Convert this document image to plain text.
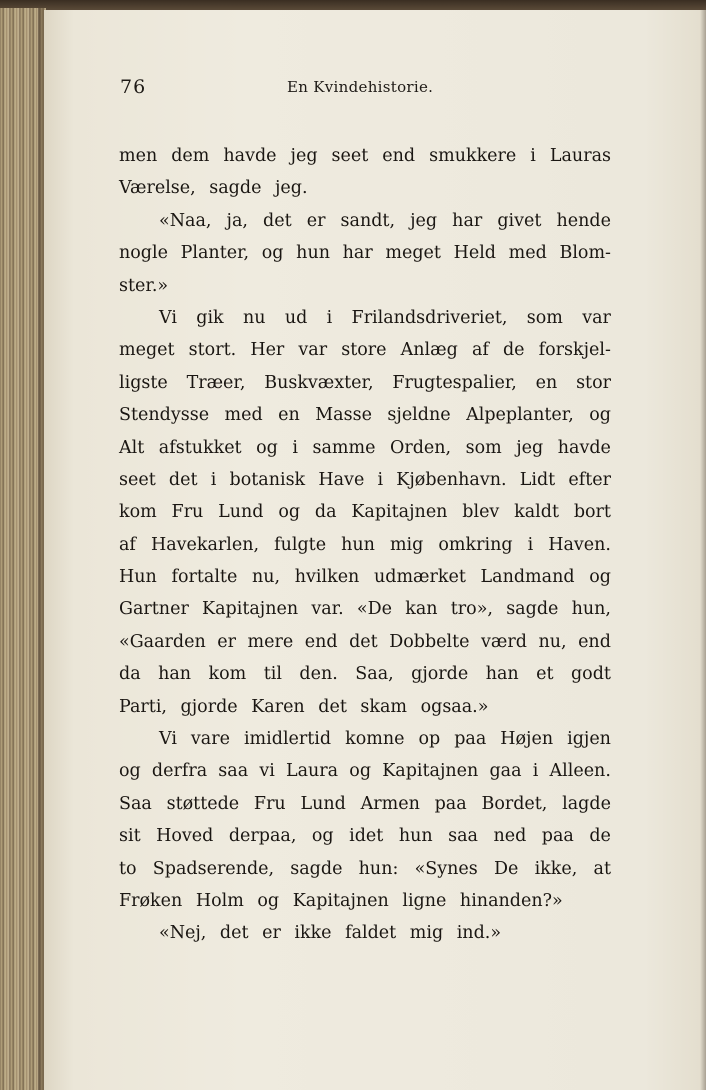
76	En Kvindehistorie.
men dem havde jeg seet end smukkere i Lauras
Værelse, sagde jeg.
«Naa, ja, det er sandt, jeg har givet hende
nogle Planter, og hun har meget Held med Blom-
ster.»
Vi gik nu ud i Frilandsdriveriet, som var
meget stort. Her var store Anlæg af de forskjel-
ligste Træer, Buskvæxter, Frugtespalier, en stor
Stendysse med en Masse sjeldne Alpeplanter, og
Alt afstukket og i samme Orden, som jeg havde
seet det i botanisk Have i Kjøbenhavn. Lidt efter
kom Fru Lund og da Kapitajnen blev kaldt bort
af Havekarlen, fulgte hun mig omkring i Haven.
Hun fortalte nu, hvilken udmærket Landmand og
Gartner Kapitajnen var. «De kan tro», sagde hun,
«Gaarden er mere end det Dobbelte værd nu, end
da han kom til den. Saa, gjorde han et godt
Parti, gjorde Karen det skam ogsaa.»
Vi vare imidlertid komne op paa Højen igjen
og derfra saa vi Laura og Kapitajnen gaa i Alleen.
Saa støttede Fru Lund Armen paa Bordet, lagde
sit Hoved derpaa, og idet hun saa ned paa de
to Spadserende, sagde hun: «Synes De ikke, at
Frøken Holm og Kapitajnen ligne hinanden?»
«Nej, det er ikke faldet mig ind.»
